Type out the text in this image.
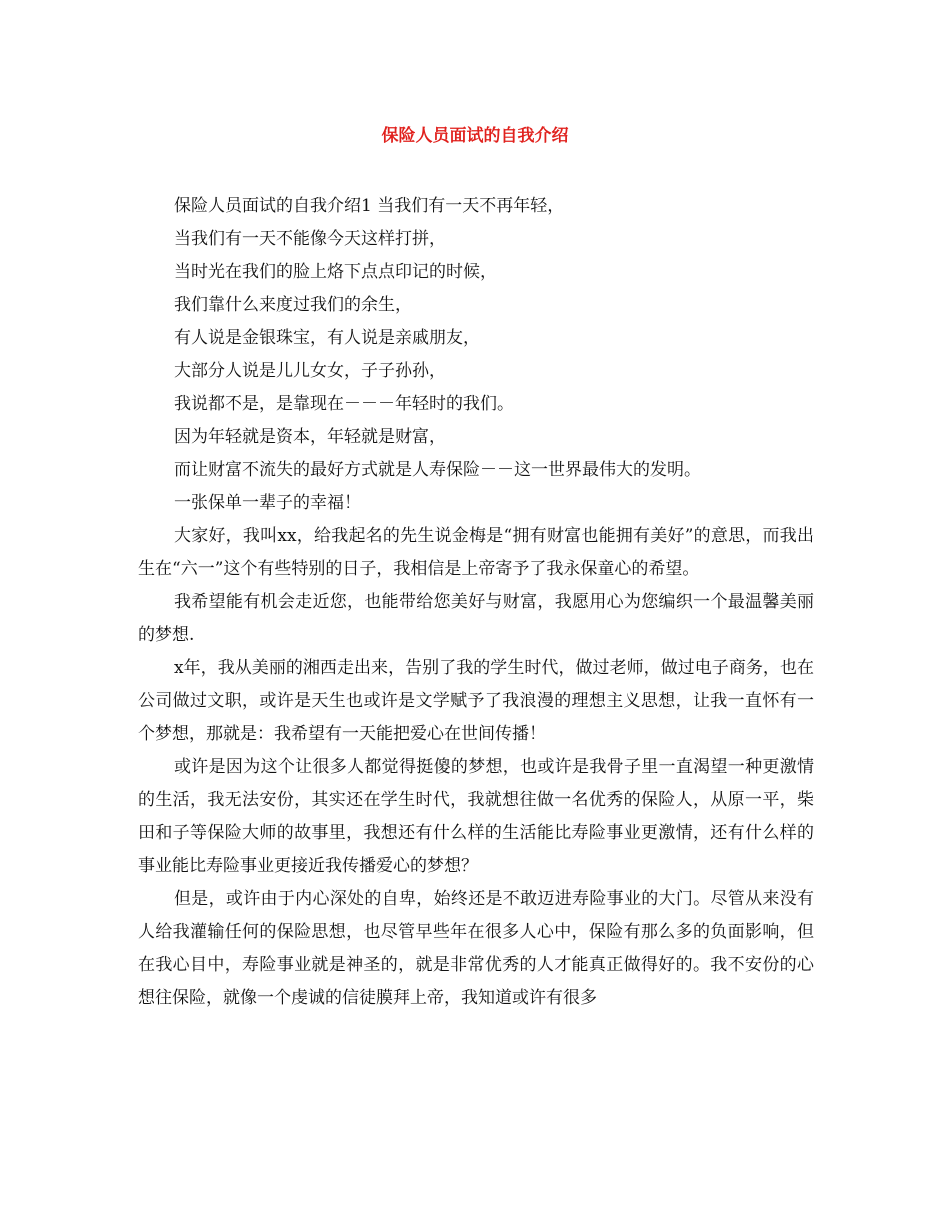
保险人员面试的自我介绍

保险人员面试的自我介绍1 当我们有一天不再年轻，

当我们有一天不能像今天这样打拼，

当时光在我们的脸上烙下点点印记的时候，

我们靠什么来度过我们的余生，

有人说是金银珠宝，有人说是亲戚朋友，

大部分人说是儿儿女女，子子孙孙，

我说都不是，是靠现在－－－年轻时的我们。

因为年轻就是资本，年轻就是财富，

而让财富不流失的最好方式就是人寿保险－－这一世界最伟大的发明。

一张保单一辈子的幸福！

大家好，我叫xx，给我起名的先生说金梅是“拥有财富也能拥有美好”的意思，而我出生在“六一”这个有些特别的日子，我相信是上帝寄予了我永保童心的希望。

我希望能有机会走近您，也能带给您美好与财富，我愿用心为您编织一个最温馨美丽的梦想.

x年，我从美丽的湘西走出来，告别了我的学生时代，做过老师，做过电子商务，也在公司做过文职，或许是天生也或许是文学赋予了我浪漫的理想主义思想，让我一直怀有一个梦想，那就是：我希望有一天能把爱心在世间传播！

或许是因为这个让很多人都觉得挺傻的梦想，也或许是我骨子里一直渴望一种更激情的生活，我无法安份，其实还在学生时代，我就想往做一名优秀的保险人，从原一平，柴田和子等保险大师的故事里，我想还有什么样的生活能比寿险事业更激情，还有什么样的事业能比寿险事业更接近我传播爱心的梦想？

但是，或许由于内心深处的自卑，始终还是不敢迈进寿险事业的大门。尽管从来没有人给我灌输任何的保险思想，也尽管早些年在很多人心中，保险有那么多的负面影响，但在我心目中，寿险事业就是神圣的，就是非常优秀的人才能真正做得好的。我不安份的心想往保险，就像一个虔诚的信徒膜拜上帝，我知道或许有很多
